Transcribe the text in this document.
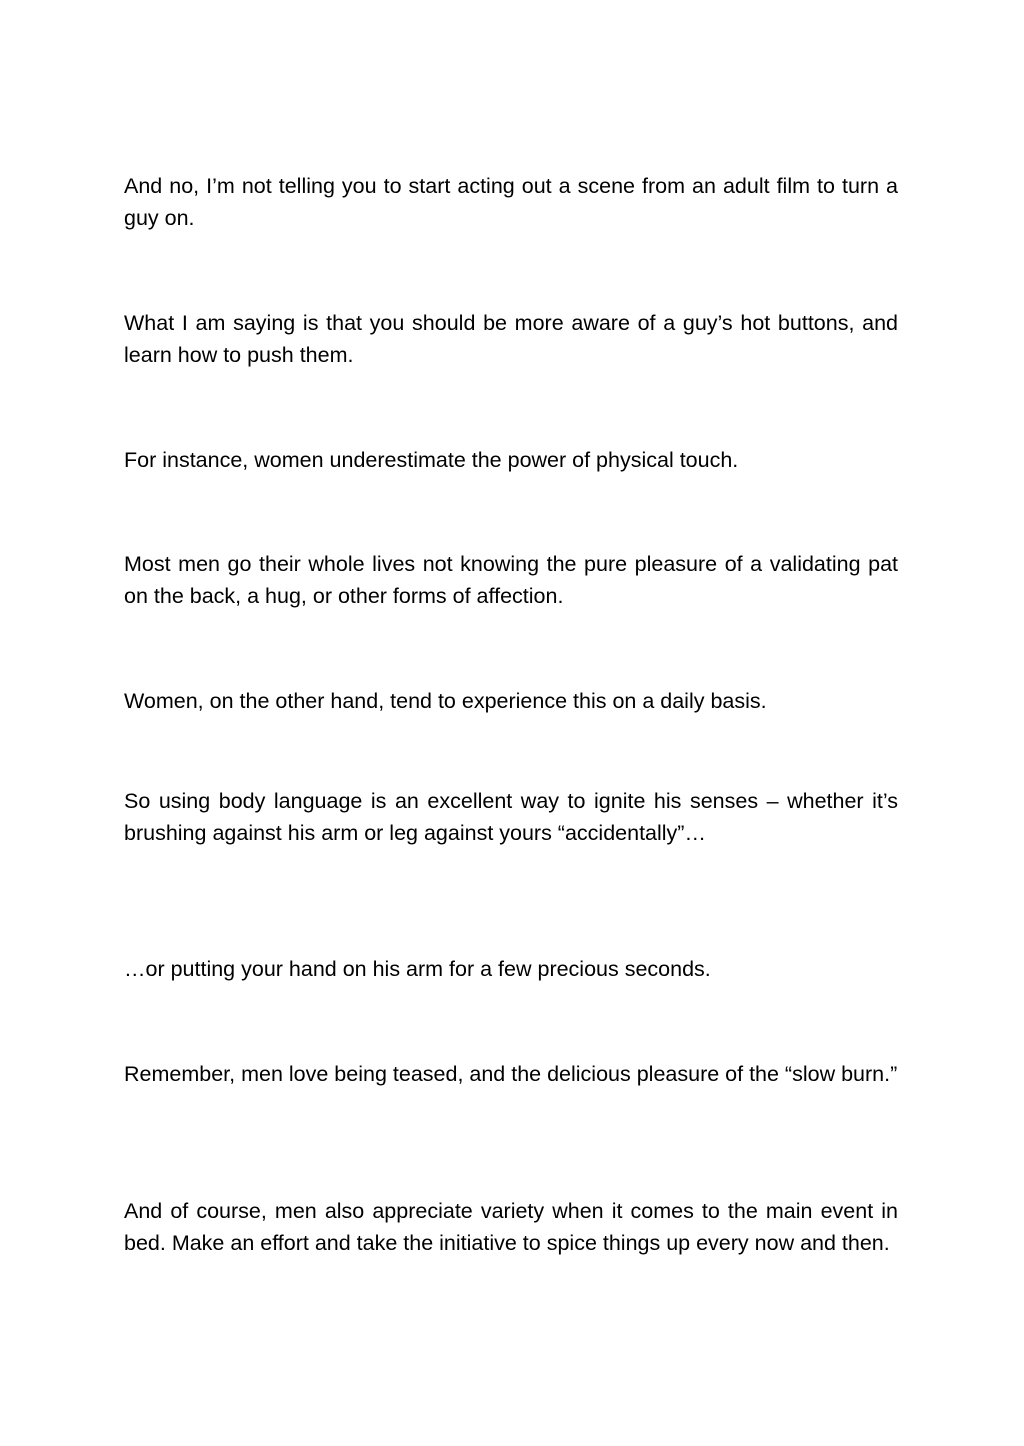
And no, I’m not telling you to start acting out a scene from an adult film to turn a guy on.

What I am saying is that you should be more aware of a guy’s hot buttons, and learn how to push them.

For instance, women underestimate the power of physical touch.

Most men go their whole lives not knowing the pure pleasure of a validating pat on the back, a hug, or other forms of affection.

Women, on the other hand, tend to experience this on a daily basis.

So using body language is an excellent way to ignite his senses – whether it’s brushing against his arm or leg against yours “accidentally”…

…or putting your hand on his arm for a few precious seconds.

Remember, men love being teased, and the delicious pleasure of the “slow burn.”

And of course, men also appreciate variety when it comes to the main event in bed. Make an effort and take the initiative to spice things up every now and then.
